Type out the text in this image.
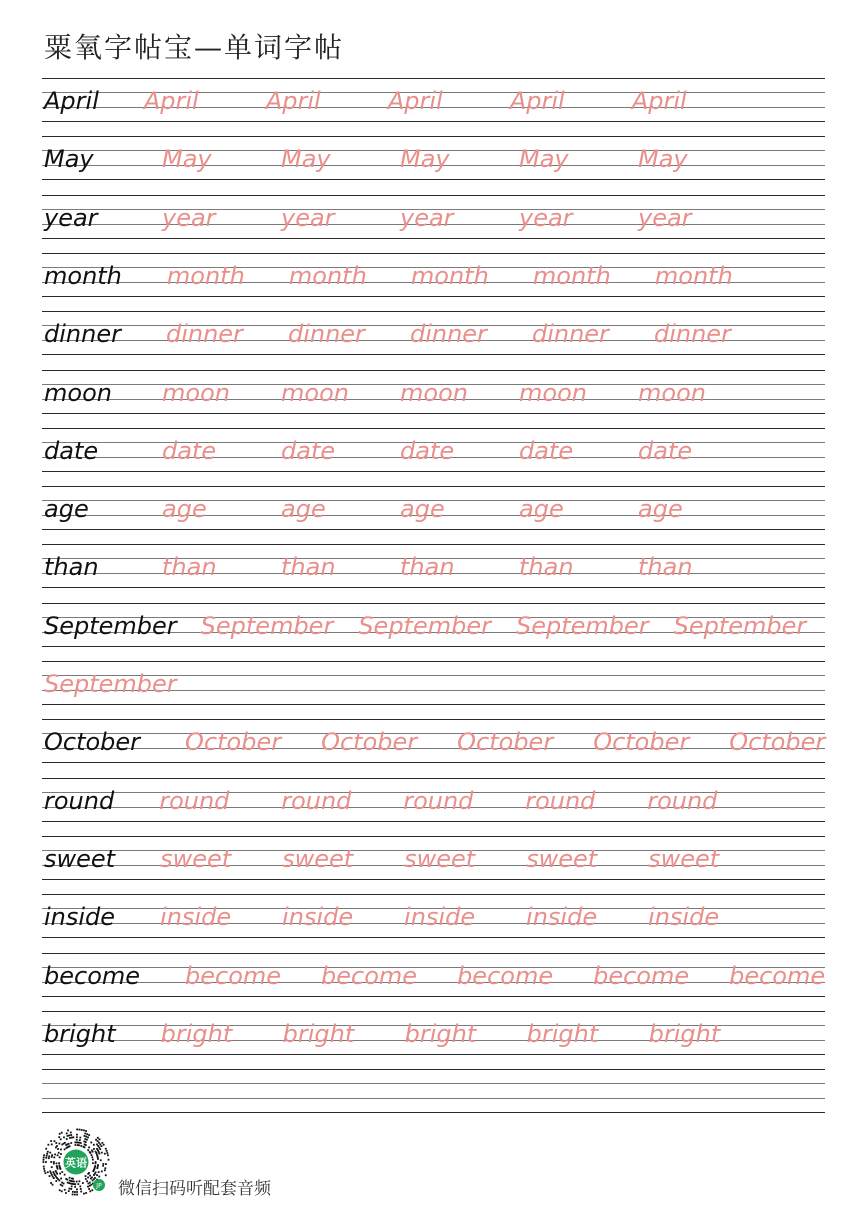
粟氧字帖宝—单词字帖
April April	April	April	April	April
May	May	May	May	May	May
year	year	year	year	year	year
month month month month month month
dinner dinner dinner dinner dinner dinner
moon moon moon moon moon moon
date	date	date	date	date	date
age	age	age	age	age	age
than	than	than	than	than	than
September September September September September
September
October October October October October October
round round round round round round
sweet sweet sweet sweet sweet sweet
inside inside inside inside inside inside
become become become become become become
bright bright bright bright bright bright
英语
JP 微信扫码听配套音频
